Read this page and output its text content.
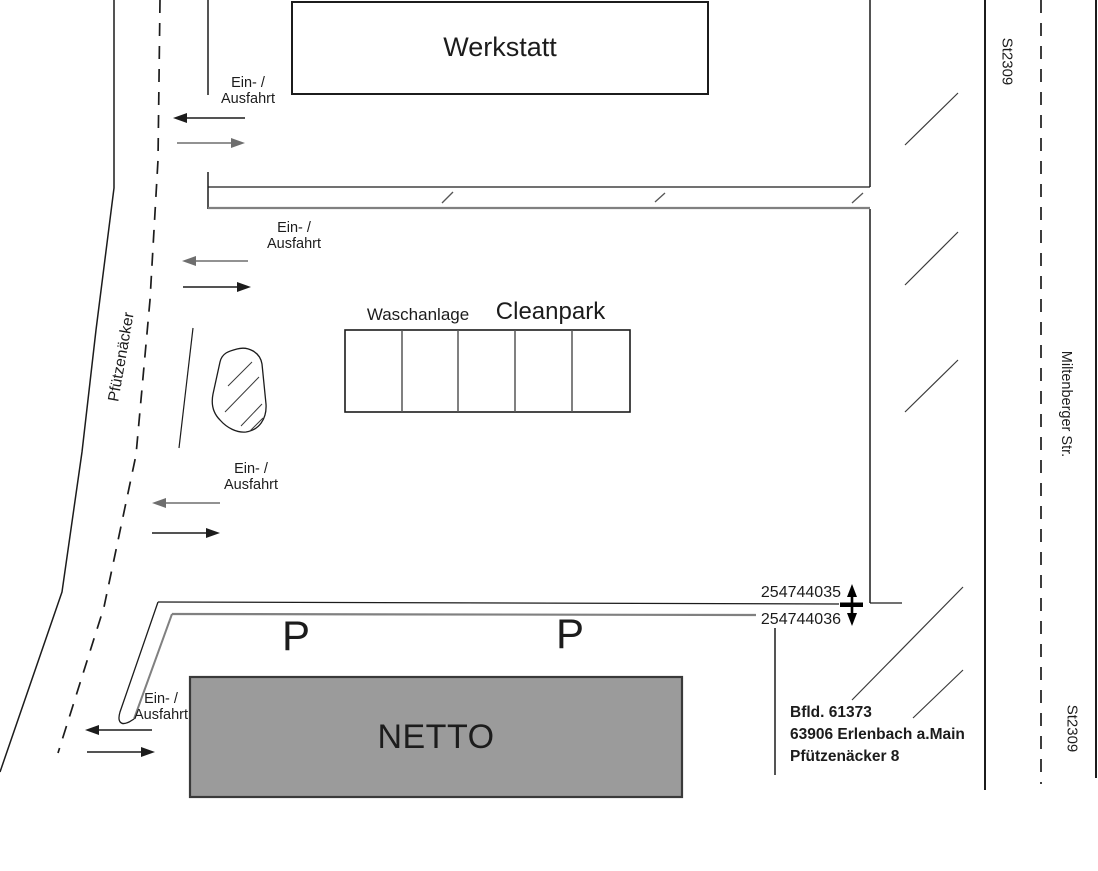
Werkstatt
Waschanlage	Cleanpark
NETTO
Ein- /
Ausfahrt
Ein- /
Ausfahrt
Ein- /
Ausfahrt
Ein- /
Ausfahrt
P	P
254744035
254744036
Bfld. 61373
63906 Erlenbach a.Main
Pfützenäcker 8
Pfützenäcker
St2309
Miltenberger Str.
St2309
